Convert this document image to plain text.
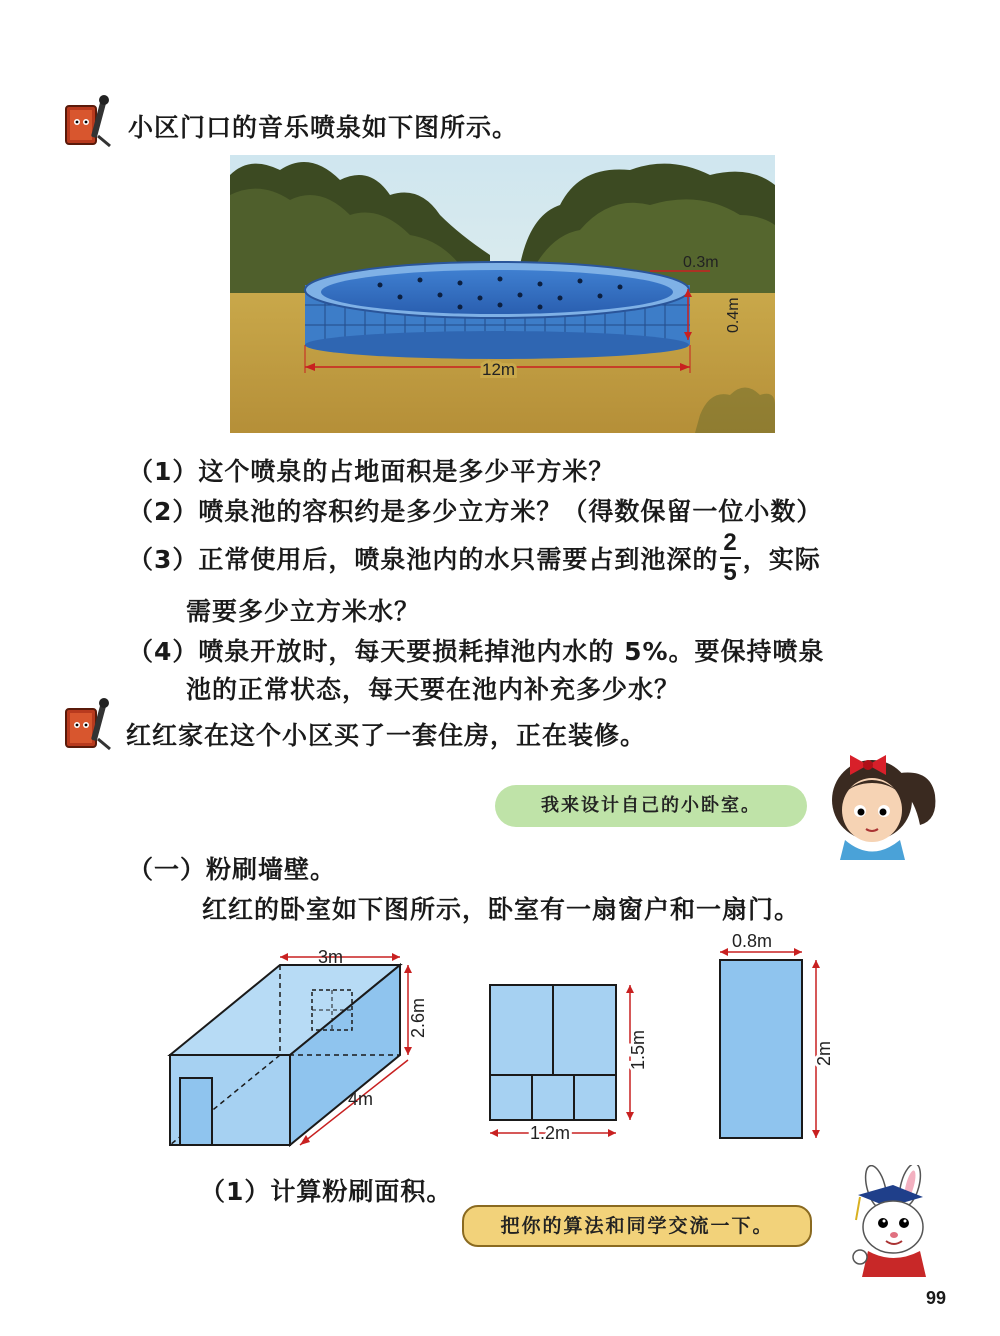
小区门口的音乐喷泉如下图所示。
0.3m
0.4m
12m
（1）这个喷泉的占地面积是多少平方米？
（2）喷泉池的容积约是多少立方米？（得数保留一位小数）
（3） 正常使用后，喷泉池内的水只需要占到池深的 $\frac{2}{5}$ ，实际
需要多少立方米水？
（4）喷泉开放时，每天要损耗掉池内水的 5%。要保持喷泉
池的正常状态，每天要在池内补充多少水？
红红家在这个小区买了一套住房，正在装修。
我来设计自己的小卧室。
（一）粉刷墙壁。
红红的卧室如下图所示，卧室有一扇窗户和一扇门。
3m
2.6m
4m
1.5m
1.2m
0.8m
2m
（1）计算粉刷面积。
把你的算法和同学交流一下。
99
